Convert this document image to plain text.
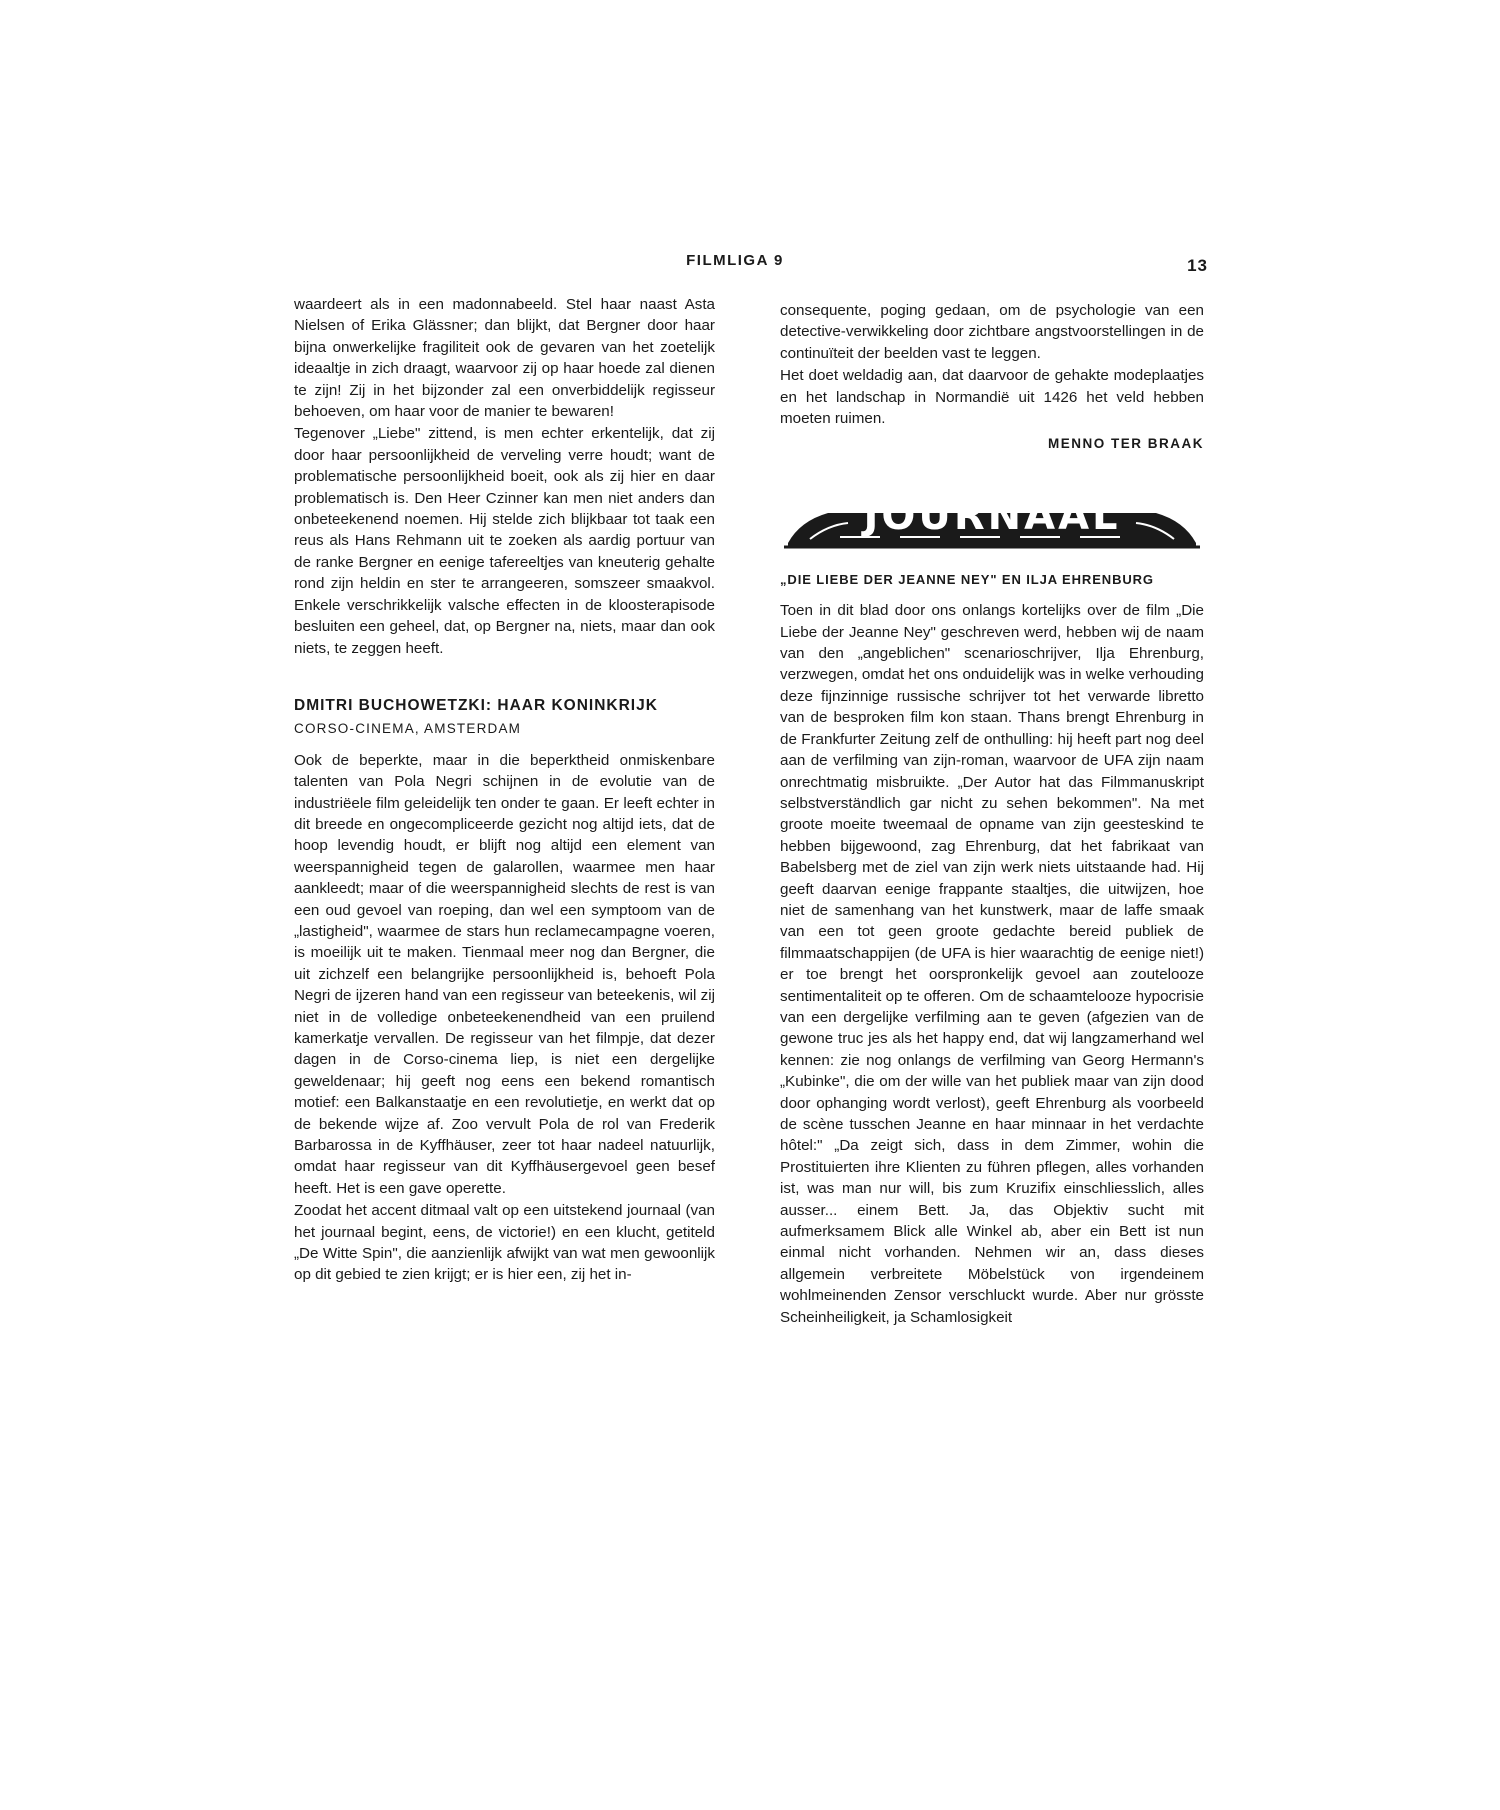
FILMLIGA 9	13

waardeert als in een madonnabeeld. Stel haar naast Asta Nielsen of Erika Glässner; dan blijkt, dat Bergner door haar bijna onwerkelijke fragiliteit ook de gevaren van het zoetelijk ideaaltje in zich draagt, waarvoor zij op haar hoede zal dienen te zijn! Zij in het bijzonder zal een onverbiddelijk regisseur behoeven, om haar voor de manier te bewaren!

Tegenover „Liebe" zittend, is men echter erkentelijk, dat zij door haar persoonlijkheid de verveling verre houdt; want de problematische persoonlijkheid boeit, ook als zij hier en daar problematisch is. Den Heer Czinner kan men niet anders dan onbeteekenend noemen. Hij stelde zich blijkbaar tot taak een reus als Hans Rehmann uit te zoeken als aardig portuur van de ranke Bergner en eenige tafereeltjes van kneuterig gehalte rond zijn heldin en ster te arrangeeren, somszeer smaakvol. Enkele verschrikkelijk valsche effecten in de kloosterapisode besluiten een geheel, dat, op Bergner na, niets, maar dan ook niets, te zeggen heeft.

DMITRI BUCHOWETZKI: HAAR KONINKRIJK

CORSO-CINEMA, AMSTERDAM

Ook de beperkte, maar in die beperktheid onmiskenbare talenten van Pola Negri schijnen in de evolutie van de industriëele film geleidelijk ten onder te gaan. Er leeft echter in dit breede en ongecompliceerde gezicht nog altijd iets, dat de hoop levendig houdt, er blijft nog altijd een element van weerspannigheid tegen de galarollen, waarmee men haar aankleedt; maar of die weerspannigheid slechts de rest is van een oud gevoel van roeping, dan wel een symptoom van de „lastigheid", waarmee de stars hun reclamecampagne voeren, is moeilijk uit te maken. Tienmaal meer nog dan Bergner, die uit zichzelf een belangrijke persoonlijkheid is, behoeft Pola Negri de ijzeren hand van een regisseur van beteekenis, wil zij niet in de volledige onbeteekenendheid van een pruilend kamerkatje vervallen. De regisseur van het filmpje, dat dezer dagen in de Corso-cinema liep, is niet een dergelijke geweldenaar; hij geeft nog eens een bekend romantisch motief: een Balkanstaatje en een revolutietje, en werkt dat op de bekende wijze af. Zoo vervult Pola de rol van Frederik Barbarossa in de Kyffhäuser, zeer tot haar nadeel natuurlijk, omdat haar regisseur van dit Kyffhäusergevoel geen besef heeft. Het is een gave operette.

Zoodat het accent ditmaal valt op een uitstekend journaal (van het journaal begint, eens, de victorie!) en een klucht, getiteld „De Witte Spin", die aanzienlijk afwijkt van wat men gewoonlijk op dit gebied te zien krijgt; er is hier een, zij het in-

consequente, poging gedaan, om de psychologie van een detective-verwikkeling door zichtbare angstvoorstellingen in de continuïteit der beelden vast te leggen.

Het doet weldadig aan, dat daarvoor de gehakte modeplaatjes en het landschap in Normandië uit 1426 het veld hebben moeten ruimen.

MENNO TER BRAAK

JOURNAAL

„DIE LIEBE DER JEANNE NEY" EN ILJA EHRENBURG

Toen in dit blad door ons onlangs kortelijks over de film „Die Liebe der Jeanne Ney" geschreven werd, hebben wij de naam van den „angeblichen" scenarioschrijver, Ilja Ehrenburg, verzwegen, omdat het ons onduidelijk was in welke verhouding deze fijnzinnige russische schrijver tot het verwarde libretto van de besproken film kon staan. Thans brengt Ehrenburg in de Frankfurter Zeitung zelf de onthulling: hij heeft part nog deel aan de verfilming van zijn-roman, waarvoor de UFA zijn naam onrechtmatig misbruikte. „Der Autor hat das Filmmanuskript selbstverständlich gar nicht zu sehen bekommen". Na met groote moeite tweemaal de opname van zijn geesteskind te hebben bijgewoond, zag Ehrenburg, dat het fabrikaat van Babelsberg met de ziel van zijn werk niets uitstaande had. Hij geeft daarvan eenige frappante staaltjes, die uitwijzen, hoe niet de samenhang van het kunstwerk, maar de laffe smaak van een tot geen groote gedachte bereid publiek de filmmaatschappijen (de UFA is hier waarachtig de eenige niet!) er toe brengt het oorspronkelijk gevoel aan zoutelooze sentimentaliteit op te offeren. Om de schaamtelooze hypocrisie van een dergelijke verfilming aan te geven (afgezien van de gewone truc jes als het happy end, dat wij langzamerhand wel kennen: zie nog onlangs de verfilming van Georg Hermann's „Kubinke", die om der wille van het publiek maar van zijn dood door ophanging wordt verlost), geeft Ehrenburg als voorbeeld de scène tusschen Jeanne en haar minnaar in het verdachte hôtel:" „Da zeigt sich, dass in dem Zimmer, wohin die Prostituierten ihre Klienten zu führen pflegen, alles vorhanden ist, was man nur will, bis zum Kruzifix einschliesslich, alles ausser... einem Bett. Ja, das Objektiv sucht mit aufmerksamem Blick alle Winkel ab, aber ein Bett ist nun einmal nicht vorhanden. Nehmen wir an, dass dieses allgemein verbreitete Möbelstück von irgendeinem wohlmeinenden Zensor verschluckt wurde. Aber nur grösste Scheinheiligkeit, ja Schamlosigkeit
